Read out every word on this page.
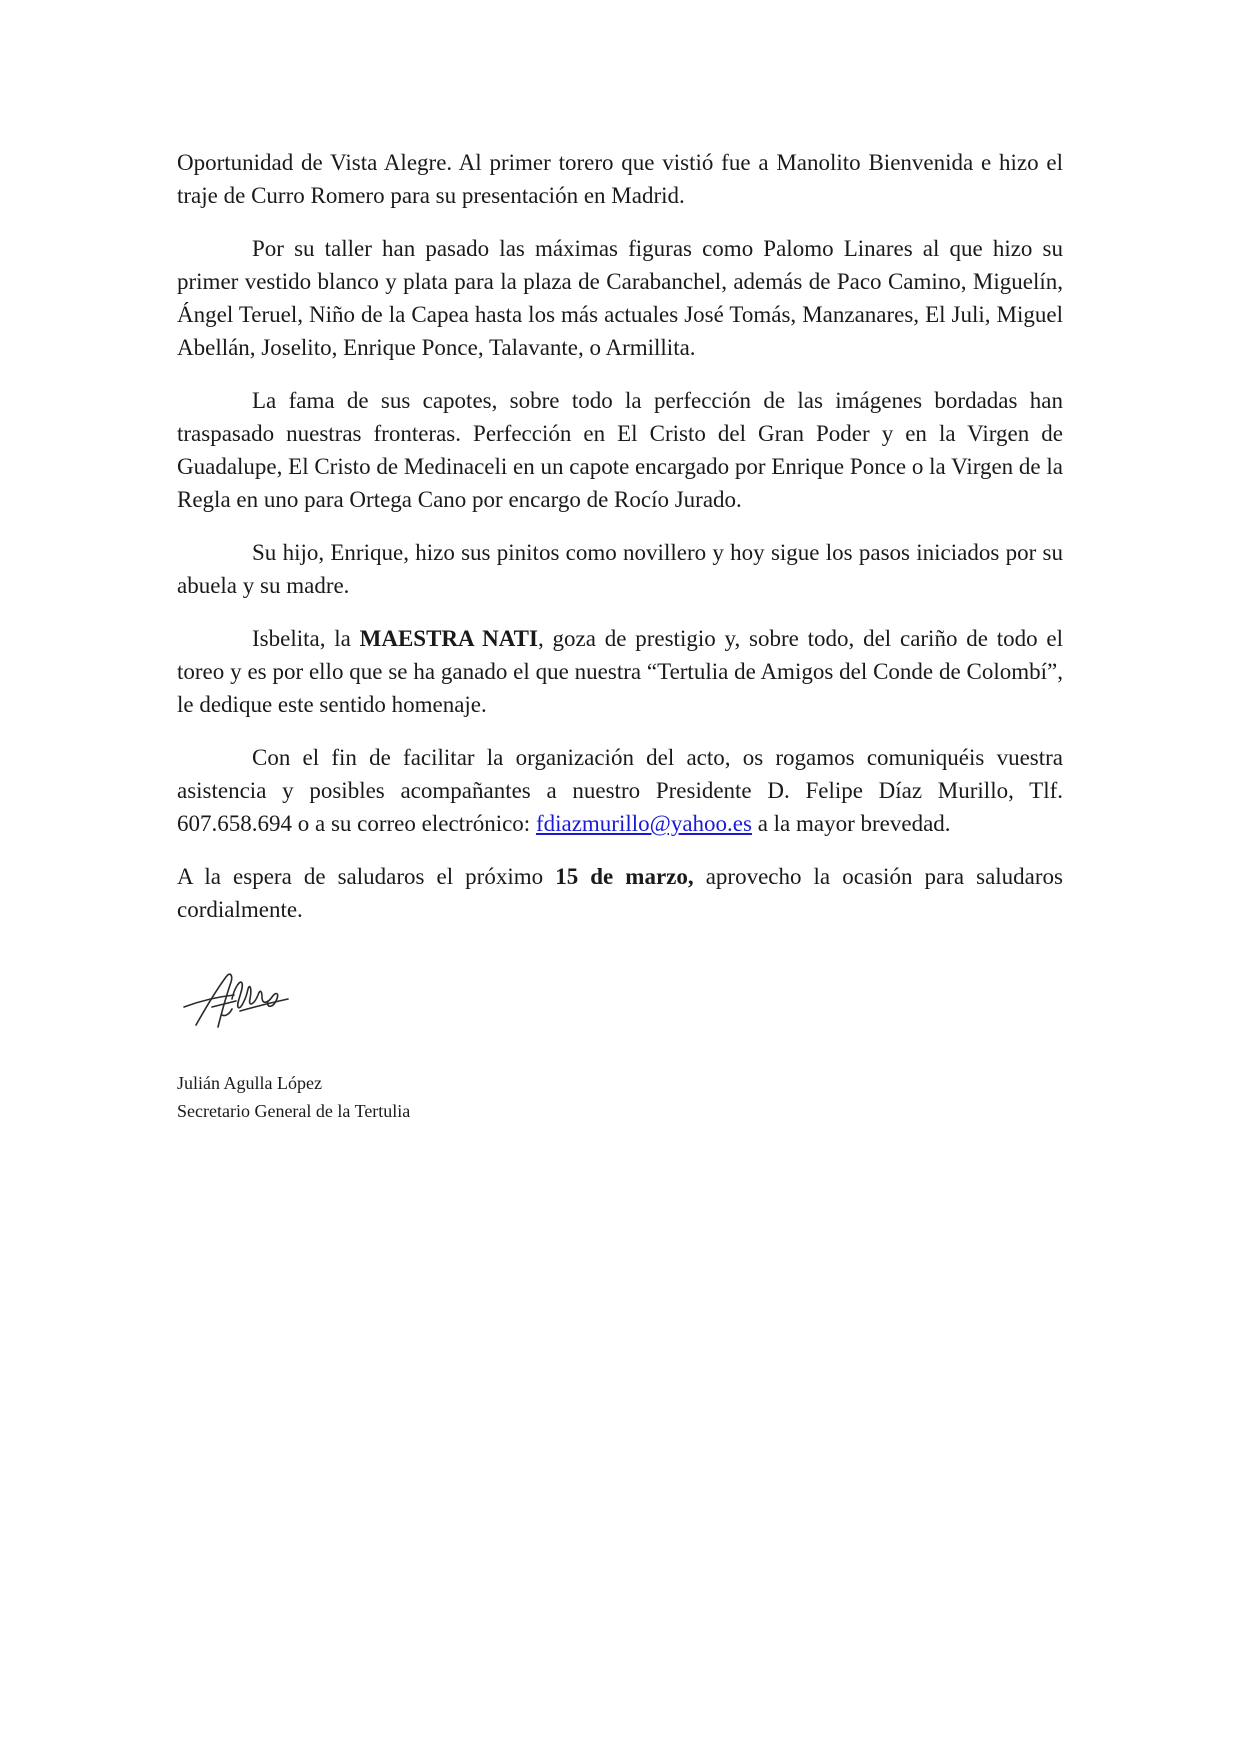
Oportunidad de Vista Alegre. Al primer torero que vistió fue a Manolito Bienvenida e hizo el traje de Curro Romero para su presentación en Madrid.

Por su taller han pasado las máximas figuras como Palomo Linares al que hizo su primer vestido blanco y plata para la plaza de Carabanchel, además de Paco Camino, Miguelín, Ángel Teruel, Niño de la Capea hasta los más actuales José Tomás, Manzanares, El Juli, Miguel Abellán, Joselito, Enrique Ponce, Talavante, o Armillita.

La fama de sus capotes, sobre todo la perfección de las imágenes bordadas han traspasado nuestras fronteras. Perfección en El Cristo del Gran Poder y en la Virgen de Guadalupe, El Cristo de Medinaceli en un capote encargado por Enrique Ponce o la Virgen de la Regla en uno para Ortega Cano por encargo de Rocío Jurado.

Su hijo, Enrique, hizo sus pinitos como novillero y hoy sigue los pasos iniciados por su abuela y su madre.

Isbelita, la MAESTRA NATI, goza de prestigio y, sobre todo, del cariño de todo el toreo y es por ello que se ha ganado el que nuestra “Tertulia de Amigos del Conde de Colombí”, le dedique este sentido homenaje.

Con el fin de facilitar la organización del acto, os rogamos comuniquéis vuestra asistencia y posibles acompañantes a nuestro Presidente D. Felipe Díaz Murillo, Tlf. 607.658.694 o a su correo electrónico: fdiazmurillo@yahoo.es a la mayor brevedad.

A la espera de saludaros el próximo 15 de marzo, aprovecho la ocasión para saludaros cordialmente.

Julián Agulla López
Secretario General de la Tertulia
